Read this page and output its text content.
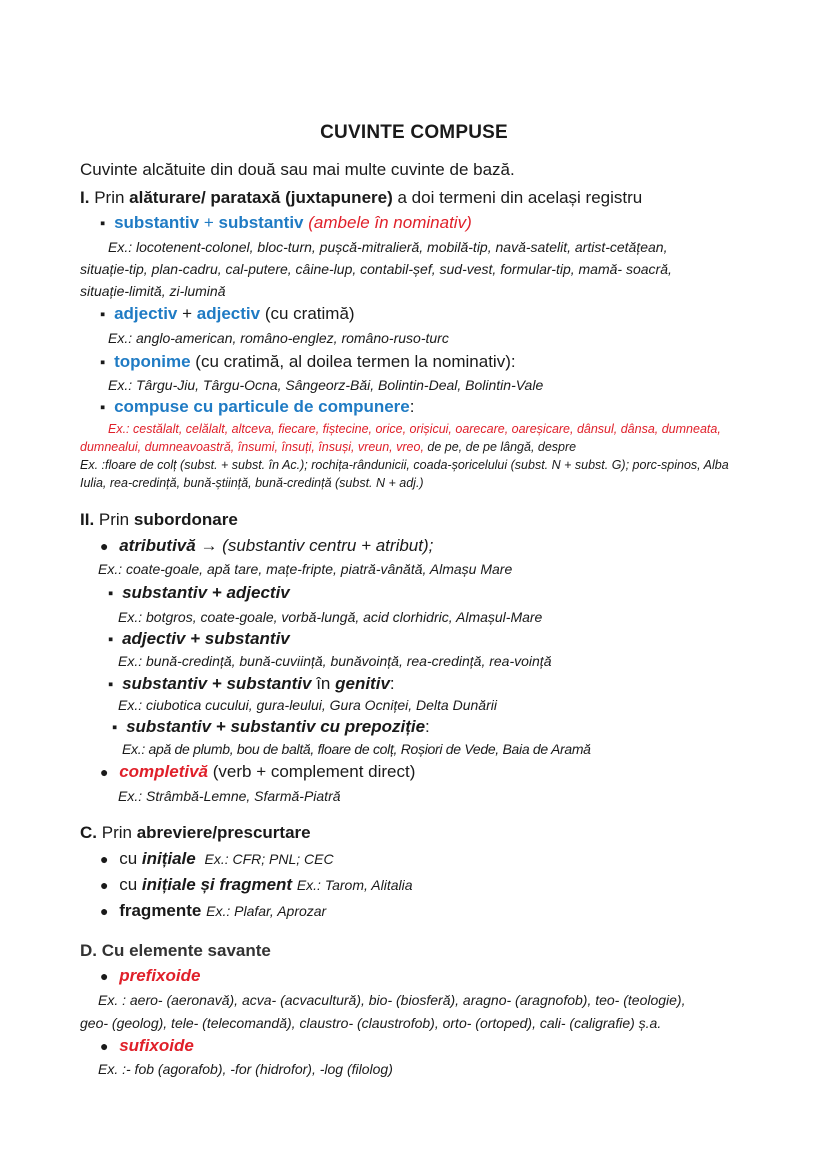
CUVINTE COMPUSE
Cuvinte alcătuite din două sau mai multe cuvinte de bază.
I. Prin alăturare/ parataxă (juxtapunere) a doi termeni din același registru
▪ substantiv + substantiv (ambele în nominativ)
Ex.: locotenent-colonel, bloc-turn, pușcă-mitralieră, mobilă-tip, navă-satelit, artist-cetățean,
situație-tip, plan-cadru, cal-putere, câine-lup, contabil-șef, sud-vest, formular-tip, mamă- soacră,
situație-limită, zi-lumină
▪ adjectiv + adjectiv (cu cratimă)
Ex.: anglo-american, româno-englez, româno-ruso-turc
▪ toponime (cu cratimă, al doilea termen la nominativ):
Ex.: Târgu-Jiu, Târgu-Ocna, Sângeorz-Băi, Bolintin-Deal, Bolintin-Vale
▪ compuse cu particule de compunere:
Ex.: cestălalt, celălalt, altceva, fiecare, fiștecine, orice, orișicui, oarecare, oareșicare, dânsul, dânsa, dumneata,
dumnealui, dumneavoastră, însumi, însuți, însuși, vreun, vreo, de pe, de pe lângă, despre
Ex. :floare de colț (subst. + subst. în Ac.); rochița-rândunicii, coada-șoricelului (subst. N + subst. G); porc-spinos, Alba
Iulia, rea-credință, bună-știință, bună-credință (subst. N + adj.)
II. Prin subordonare
● atributivă → (substantiv centru + atribut);
Ex.: coate-goale, apă tare, mațe-fripte, piatră-vânătă, Almașu Mare
▪ substantiv + adjectiv
Ex.: botgros, coate-goale, vorbă-lungă, acid clorhidric, Almașul-Mare
▪ adjectiv + substantiv
Ex.: bună-credință, bună-cuviință, bunăvoință, rea-credință, rea-voință
▪ substantiv + substantiv în genitiv:
Ex.: ciubotica cucului, gura-leului, Gura Ocniței, Delta Dunării
▪ substantiv + substantiv cu prepoziție:
Ex.: apă de plumb, bou de baltă, floare de colț, Roșiori de Vede, Baia de Aramă
● completivă (verb + complement direct)
Ex.: Strâmbă-Lemne, Sfarmă-Piatră
C. Prin abreviere/prescurtare
● cu inițiale Ex.: CFR; PNL; CEC
● cu inițiale și fragment Ex.: Tarom, Alitalia
● fragmente Ex.: Plafar, Aprozar
D. Cu elemente savante
● prefixoide
Ex. : aero- (aeronavă), acva- (acvacultură), bio- (biosferă), aragno- (aragnofob), teo- (teologie),
geo- (geolog), tele- (telecomandă), claustro- (claustrofob), orto- (ortoped), cali- (caligrafie) ș.a.
● sufixoide
Ex. :- fob (agorafob), -for (hidrofor), -log (filolog)
